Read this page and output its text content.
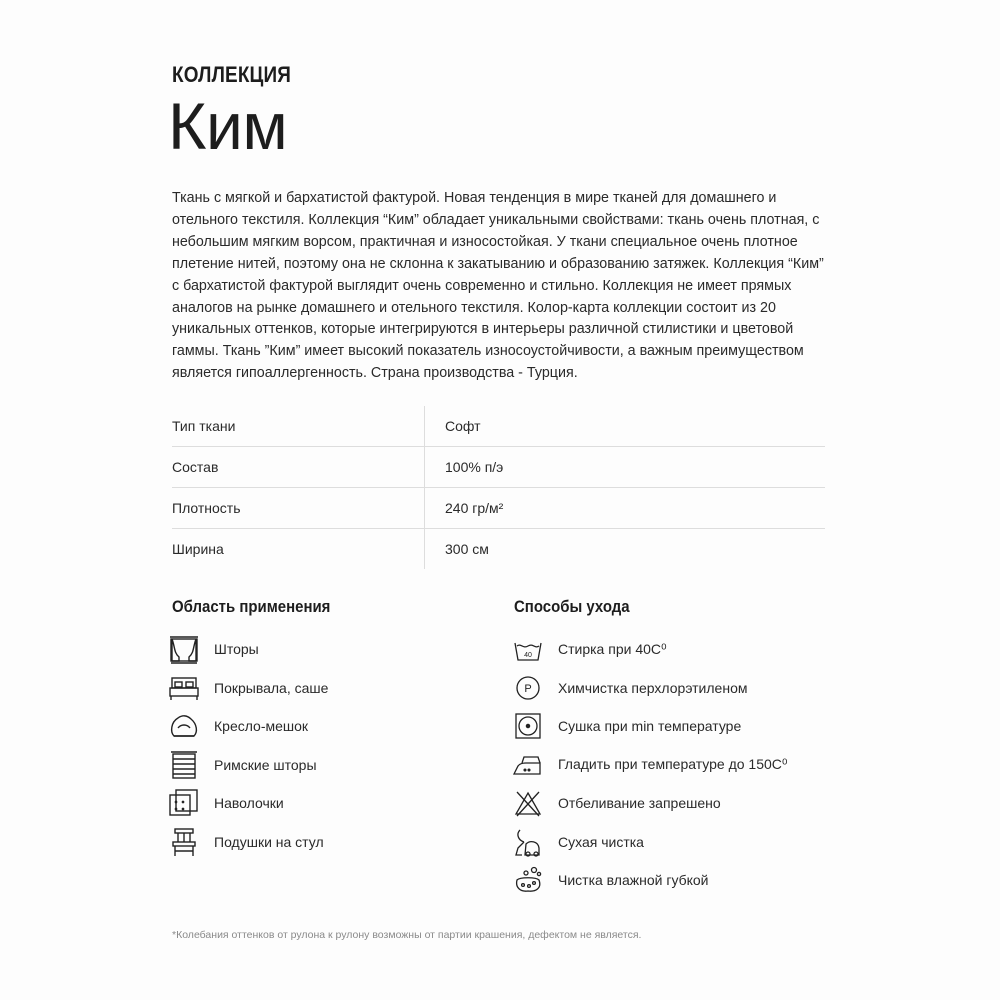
КОЛЛЕКЦИЯ
Ким
Ткань с мягкой и бархатистой фактурой. Новая тенденция в мире тканей для домашнего и отельного текстиля. Коллекция “Ким” обладает уникальными свойствами: ткань очень плотная, с небольшим мягким ворсом, практичная и износостойкая. У ткани специальное очень плотное плетение нитей, поэтому она не склонна к закатыванию и образованию затяжек. Коллекция “Ким” с бархатистой фактурой выглядит очень современно и стильно. Коллекция не имеет прямых аналогов на рынке домашнего и отельного текстиля. Колор-карта коллекции состоит из 20 уникальных оттенков, которые интегрируются в интерьеры различной стилистики и цветовой гаммы. Ткань ”Ким” имеет высокий показатель износоустойчивости, а важным преимуществом является гипоаллергенность. Страна производства - Турция.
Тип ткани	Софт
Состав	100% п/э
Плотность	240 гр/м²
Ширина	300 см
Область применения
Шторы
Покрывала, саше
Кресло-мешок
Римские шторы
Наволочки
Подушки на стул
Способы ухода
40 Стирка при 40С⁰
P Химчистка перхлорэтиленом
Сушка при min температуре
Гладить при температуре до 150С⁰
Отбеливание запрешено
Сухая чистка
Чистка влажной губкой
*Колебания оттенков от рулона к рулону возможны от партии крашения, дефектом не является.
